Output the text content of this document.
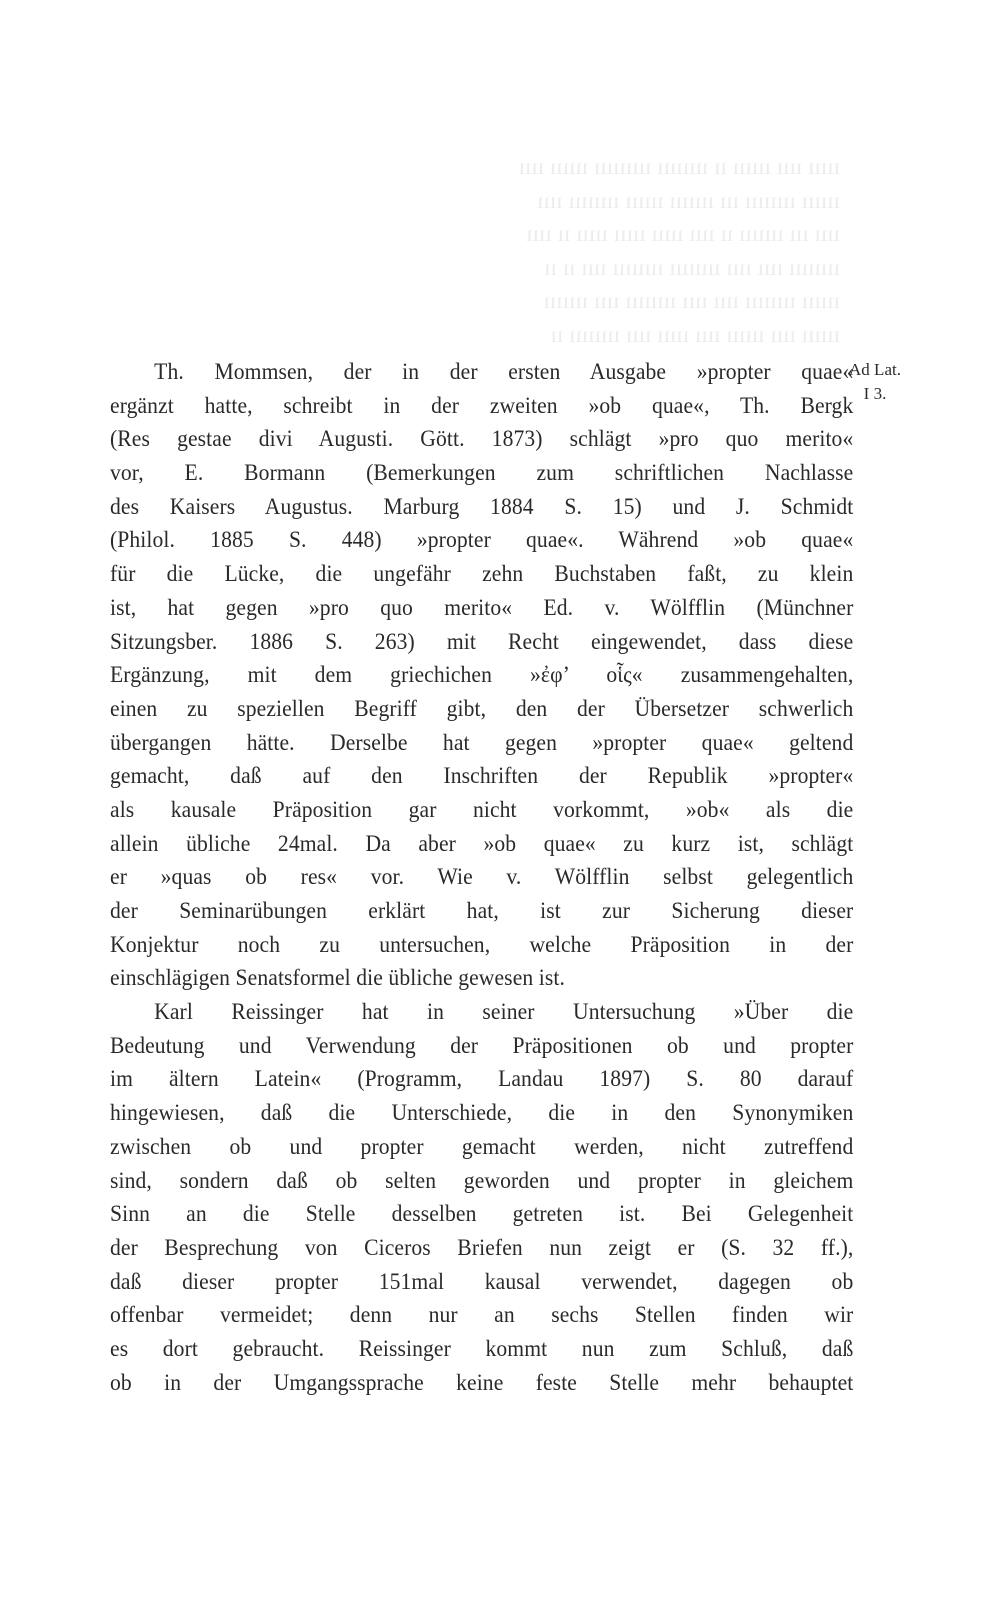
ııııı ıııı ıııııı ıı ıııııııı ııııııııı ıııııı ıııı
ıııııı ıııııııı ııı ııııııı ıııııı ıııııııı ıııı
ıııı ııı ııııııı ıı ıııı ııııı ııııı ııııı ıı ıııı
ıııııııı ıııı ıııı ıııııııı ıııııııı ıııı ıı ıı
ıııııı ıııııııı ıııı ıııı ıııııııı ıııı ııııııı
ıııııı ıııı ıııııı ıııı ııııı ıııı ıııııııı ıı
Th. Mommsen, der in der ersten Ausgabe »propter quae«
ergänzt hatte, schreibt in der zweiten »ob quae«, Th. Bergk
(Res gestae divi Augusti. Gött. 1873) schlägt »pro quo merito«
vor, E. Bormann (Bemerkungen zum schriftlichen Nachlasse
des Kaisers Augustus. Marburg 1884 S. 15) und J. Schmidt
(Philol. 1885 S. 448) »propter quae«. Während »ob quae«
für die Lücke, die ungefähr zehn Buchstaben faßt, zu klein
ist, hat gegen »pro quo merito« Ed. v. Wölfflin (Münchner
Sitzungsber. 1886 S. 263) mit Recht eingewendet, dass diese
Ergänzung, mit dem griechichen »ἐφ’ οἷς« zusammengehalten,
einen zu speziellen Begriff gibt, den der Übersetzer schwerlich
übergangen hätte. Derselbe hat gegen »propter quae« geltend
gemacht, daß auf den Inschriften der Republik »propter«
als kausale Präposition gar nicht vorkommt, »ob« als die
allein übliche 24mal. Da aber »ob quae« zu kurz ist, schlägt
er »quas ob res« vor. Wie v. Wölfflin selbst gelegentlich
der Seminarübungen erklärt hat, ist zur Sicherung dieser
Konjektur noch zu untersuchen, welche Präposition in der
einschlägigen Senatsformel die übliche gewesen ist.
Karl Reissinger hat in seiner Untersuchung »Über die
Bedeutung und Verwendung der Präpositionen ob und propter
im ältern Latein« (Programm, Landau 1897) S. 80 darauf
hingewiesen, daß die Unterschiede, die in den Synonymiken
zwischen ob und propter gemacht werden, nicht zutreffend
sind, sondern daß ob selten geworden und propter in gleichem
Sinn an die Stelle desselben getreten ist. Bei Gelegenheit
der Besprechung von Ciceros Briefen nun zeigt er (S. 32 ff.),
daß dieser propter 151mal kausal verwendet, dagegen ob
offenbar vermeidet; denn nur an sechs Stellen finden wir
es dort gebraucht. Reissinger kommt nun zum Schluß, daß
ob in der Umgangssprache keine feste Stelle mehr behauptet
Ad Lat.
I 3.
